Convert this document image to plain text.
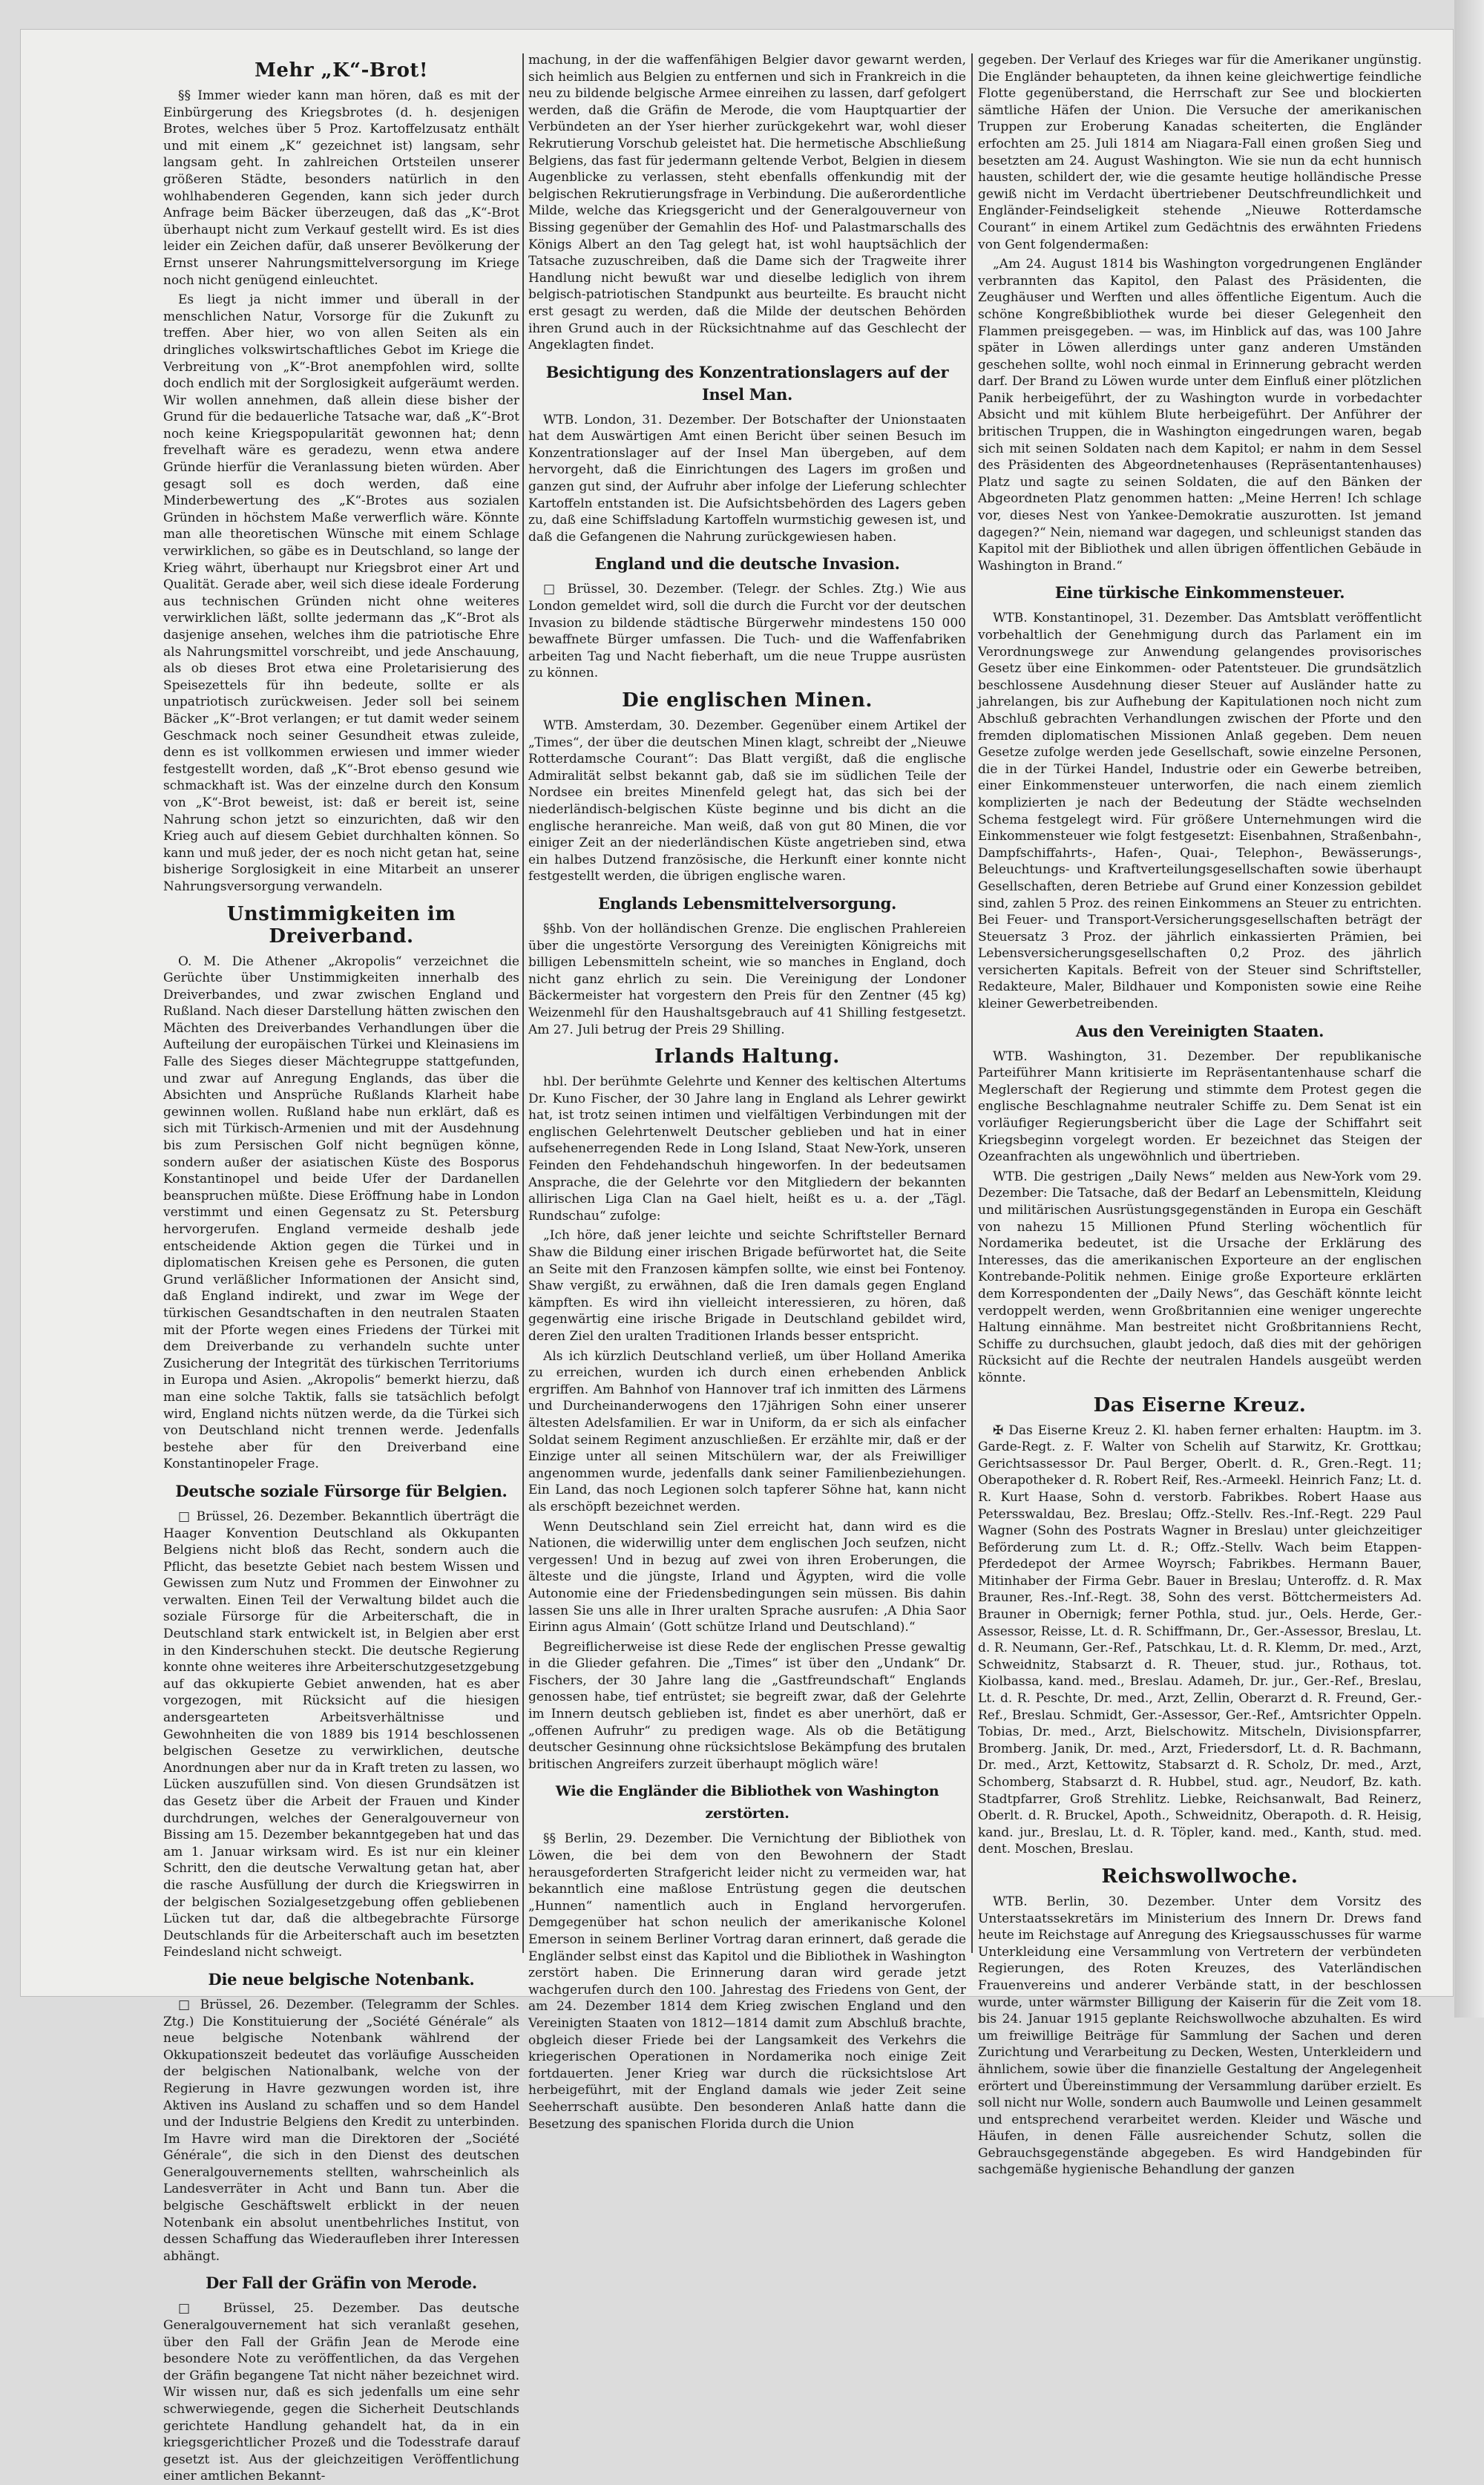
Mehr „K“-Brot!

§§ Immer wieder kann man hören, daß es mit der Einbürgerung des Kriegsbrotes (d. h. desjenigen Brotes, welches über 5 Proz. Kartoffelzusatz enthält und mit einem „K“ gezeichnet ist) langsam, sehr langsam geht. In zahlreichen Ortsteilen unserer größeren Städte, besonders natürlich in den wohlhabenderen Gegenden, kann sich jeder durch Anfrage beim Bäcker überzeugen, daß das „K“-Brot überhaupt nicht zum Verkauf gestellt wird. Es ist dies leider ein Zeichen dafür, daß unserer Bevölkerung der Ernst unserer Nahrungsmittelversorgung im Kriege noch nicht genügend einleuchtet.

Es liegt ja nicht immer und überall in der menschlichen Natur, Vorsorge für die Zukunft zu treffen. Aber hier, wo von allen Seiten als ein dringliches volkswirtschaftliches Gebot im Kriege die Verbreitung von „K“-Brot anempfohlen wird, sollte doch endlich mit der Sorglosigkeit aufgeräumt werden. Wir wollen annehmen, daß allein diese bisher der Grund für die bedauerliche Tatsache war, daß „K“-Brot noch keine Kriegspopularität gewonnen hat; denn frevelhaft wäre es geradezu, wenn etwa andere Gründe hierfür die Veranlassung bieten würden. Aber gesagt soll es doch werden, daß eine Minderbewertung des „K“-Brotes aus sozialen Gründen in höchstem Maße verwerflich wäre. Könnte man alle theoretischen Wünsche mit einem Schlage verwirklichen, so gäbe es in Deutschland, so lange der Krieg währt, überhaupt nur Kriegsbrot einer Art und Qualität. Gerade aber, weil sich diese ideale Forderung aus technischen Gründen nicht ohne weiteres verwirklichen läßt, sollte jedermann das „K“-Brot als dasjenige ansehen, welches ihm die patriotische Ehre als Nahrungsmittel vorschreibt, und jede Anschauung, als ob dieses Brot etwa eine Proletarisierung des Speisezettels für ihn bedeute, sollte er als unpatriotisch zurückweisen. Jeder soll bei seinem Bäcker „K“-Brot verlangen; er tut damit weder seinem Geschmack noch seiner Gesundheit etwas zuleide, denn es ist vollkommen erwiesen und immer wieder festgestellt worden, daß „K“-Brot ebenso gesund wie schmackhaft ist. Was der einzelne durch den Konsum von „K“-Brot beweist, ist: daß er bereit ist, seine Nahrung schon jetzt so einzurichten, daß wir den Krieg auch auf diesem Gebiet durchhalten können. So kann und muß jeder, der es noch nicht getan hat, seine bisherige Sorglosigkeit in eine Mitarbeit an unserer Nahrungsversorgung verwandeln.

Unstimmigkeiten im Dreiverband.

O. M. Die Athener „Akropolis“ verzeichnet die Gerüchte über Unstimmigkeiten innerhalb des Dreiverbandes, und zwar zwischen England und Rußland. Nach dieser Darstellung hätten zwischen den Mächten des Dreiverbandes Verhandlungen über die Aufteilung der europäischen Türkei und Kleinasiens im Falle des Sieges dieser Mächtegruppe stattgefunden, und zwar auf Anregung Englands, das über die Absichten und Ansprüche Rußlands Klarheit habe gewinnen wollen. Rußland habe nun erklärt, daß es sich mit Türkisch-Armenien und mit der Ausdehnung bis zum Persischen Golf nicht begnügen könne, sondern außer der asiatischen Küste des Bosporus Konstantinopel und beide Ufer der Dardanellen beanspruchen müßte. Diese Eröffnung habe in London verstimmt und einen Gegensatz zu St. Petersburg hervorgerufen. England vermeide deshalb jede entscheidende Aktion gegen die Türkei und in diplomatischen Kreisen gehe es Personen, die guten Grund verläßlicher Informationen der Ansicht sind, daß England indirekt, und zwar im Wege der türkischen Gesandtschaften in den neutralen Staaten mit der Pforte wegen eines Friedens der Türkei mit dem Dreiverbande zu verhandeln suchte unter Zusicherung der Integrität des türkischen Territoriums in Europa und Asien. „Akropolis“ bemerkt hierzu, daß man eine solche Taktik, falls sie tatsächlich befolgt wird, England nichts nützen werde, da die Türkei sich von Deutschland nicht trennen werde. Jedenfalls bestehe aber für den Dreiverband eine Konstantinopeler Frage.

Deutsche soziale Fürsorge für Belgien.

□ Brüssel, 26. Dezember. Bekanntlich überträgt die Haager Konvention Deutschland als Okkupanten Belgiens nicht bloß das Recht, sondern auch die Pflicht, das besetzte Gebiet nach bestem Wissen und Gewissen zum Nutz und Frommen der Einwohner zu verwalten. Einen Teil der Verwaltung bildet auch die soziale Fürsorge für die Arbeiterschaft, die in Deutschland stark entwickelt ist, in Belgien aber erst in den Kinderschuhen steckt. Die deutsche Regierung konnte ohne weiteres ihre Arbeiterschutzgesetzgebung auf das okkupierte Gebiet anwenden, hat es aber vorgezogen, mit Rücksicht auf die hiesigen andersgearteten Arbeitsverhältnisse und Gewohnheiten die von 1889 bis 1914 beschlossenen belgischen Gesetze zu verwirklichen, deutsche Anordnungen aber nur da in Kraft treten zu lassen, wo Lücken auszufüllen sind. Von diesen Grundsätzen ist das Gesetz über die Arbeit der Frauen und Kinder durchdrungen, welches der Generalgouverneur von Bissing am 15. Dezember bekanntgegeben hat und das am 1. Januar wirksam wird. Es ist nur ein kleiner Schritt, den die deutsche Verwaltung getan hat, aber die rasche Ausfüllung der durch die Kriegswirren in der belgischen Sozialgesetzgebung offen gebliebenen Lücken tut dar, daß die altbegebrachte Fürsorge Deutschlands für die Arbeiterschaft auch im besetzten Feindesland nicht schweigt.

Die neue belgische Notenbank.

□ Brüssel, 26. Dezember. (Telegramm der Schles. Ztg.) Die Konstituierung der „Société Générale“ als neue belgische Notenbank wählrend der Okkupationszeit bedeutet das vorläufige Ausscheiden der belgischen Nationalbank, welche von der Regierung in Havre gezwungen worden ist, ihre Aktiven ins Ausland zu schaffen und so dem Handel und der Industrie Belgiens den Kredit zu unterbinden. Im Havre wird man die Direktoren der „Société Générale“, die sich in den Dienst des deutschen Generalgouvernements stellten, wahrscheinlich als Landesverräter in Acht und Bann tun. Aber die belgische Geschäftswelt erblickt in der neuen Notenbank ein absolut unentbehrliches Institut, von dessen Schaffung das Wiederaufleben ihrer Interessen abhängt.

Der Fall der Gräfin von Merode.

□ Brüssel, 25. Dezember. Das deutsche Generalgouvernement hat sich veranlaßt gesehen, über den Fall der Gräfin Jean de Merode eine besondere Note zu veröffentlichen, da das Vergehen der Gräfin begangene Tat nicht näher bezeichnet wird. Wir wissen nur, daß es sich jedenfalls um eine sehr schwerwiegende, gegen die Sicherheit Deutschlands gerichtete Handlung gehandelt hat, da in ein kriegsgerichtlicher Prozeß und die Todesstrafe darauf gesetzt ist. Aus der gleichzeitigen Veröffentlichung einer amtlichen Bekannt-

machung, in der die waffenfähigen Belgier davor gewarnt werden, sich heimlich aus Belgien zu entfernen und sich in Frankreich in die neu zu bildende belgische Armee einreihen zu lassen, darf gefolgert werden, daß die Gräfin de Merode, die vom Hauptquartier der Verbündeten an der Yser hierher zurückgekehrt war, wohl dieser Rekrutierung Vorschub geleistet hat. Die hermetische Abschließung Belgiens, das fast für jedermann geltende Verbot, Belgien in diesem Augenblicke zu verlassen, steht ebenfalls offenkundig mit der belgischen Rekrutierungsfrage in Verbindung. Die außerordentliche Milde, welche das Kriegsgericht und der Generalgouverneur von Bissing gegenüber der Gemahlin des Hof- und Palastmarschalls des Königs Albert an den Tag gelegt hat, ist wohl hauptsächlich der Tatsache zuzuschreiben, daß die Dame sich der Tragweite ihrer Handlung nicht bewußt war und dieselbe lediglich von ihrem belgisch-patriotischen Standpunkt aus beurteilte. Es braucht nicht erst gesagt zu werden, daß die Milde der deutschen Behörden ihren Grund auch in der Rücksichtnahme auf das Geschlecht der Angeklagten findet.

Besichtigung des Konzentrationslagers auf der Insel Man.

WTB. London, 31. Dezember. Der Botschafter der Unionstaaten hat dem Auswärtigen Amt einen Bericht über seinen Besuch im Konzentrationslager auf der Insel Man übergeben, auf dem hervorgeht, daß die Einrichtungen des Lagers im großen und ganzen gut sind, der Aufruhr aber infolge der Lieferung schlechter Kartoffeln entstanden ist. Die Aufsichtsbehörden des Lagers geben zu, daß eine Schiffsladung Kartoffeln wurmstichig gewesen ist, und daß die Gefangenen die Nahrung zurückgewiesen haben.

England und die deutsche Invasion.

□ Brüssel, 30. Dezember. (Telegr. der Schles. Ztg.) Wie aus London gemeldet wird, soll die durch die Furcht vor der deutschen Invasion zu bildende städtische Bürgerwehr mindestens 150 000 bewaffnete Bürger umfassen. Die Tuch- und die Waffenfabriken arbeiten Tag und Nacht fieberhaft, um die neue Truppe ausrüsten zu können.

Die englischen Minen.

WTB. Amsterdam, 30. Dezember. Gegenüber einem Artikel der „Times“, der über die deutschen Minen klagt, schreibt der „Nieuwe Rotterdamsche Courant“: Das Blatt vergißt, daß die englische Admiralität selbst bekannt gab, daß sie im südlichen Teile der Nordsee ein breites Minenfeld gelegt hat, das sich bei der niederländisch-belgischen Küste beginne und bis dicht an die englische heranreiche. Man weiß, daß von gut 80 Minen, die vor einiger Zeit an der niederländischen Küste angetrieben sind, etwa ein halbes Dutzend französische, die Herkunft einer konnte nicht festgestellt werden, die übrigen englische waren.

Englands Lebensmittelversorgung.

§§hb. Von der holländischen Grenze. Die englischen Prahlereien über die ungestörte Versorgung des Vereinigten Königreichs mit billigen Lebensmitteln scheint, wie so manches in England, doch nicht ganz ehrlich zu sein. Die Vereinigung der Londoner Bäckermeister hat vorgestern den Preis für den Zentner (45 kg) Weizenmehl für den Haushaltsgebrauch auf 41 Shilling festgesetzt. Am 27. Juli betrug der Preis 29 Shilling.

Irlands Haltung.

hbl. Der berühmte Gelehrte und Kenner des keltischen Altertums Dr. Kuno Fischer, der 30 Jahre lang in England als Lehrer gewirkt hat, ist trotz seinen intimen und vielfältigen Verbindungen mit der englischen Gelehrtenwelt Deutscher geblieben und hat in einer aufsehenerregenden Rede in Long Island, Staat New-York, unseren Feinden den Fehdehandschuh hingeworfen. In der bedeutsamen Ansprache, die der Gelehrte vor den Mitgliedern der bekannten allirischen Liga Clan na Gael hielt, heißt es u. a. der „Tägl. Rundschau“ zufolge:

„Ich höre, daß jener leichte und seichte Schriftsteller Bernard Shaw die Bildung einer irischen Brigade befürwortet hat, die Seite an Seite mit den Franzosen kämpfen sollte, wie einst bei Fontenoy. Shaw vergißt, zu erwähnen, daß die Iren damals gegen England kämpften. Es wird ihn vielleicht interessieren, zu hören, daß gegenwärtig eine irische Brigade in Deutschland gebildet wird, deren Ziel den uralten Traditionen Irlands besser entspricht.

Als ich kürzlich Deutschland verließ, um über Holland Amerika zu erreichen, wurden ich durch einen erhebenden Anblick ergriffen. Am Bahnhof von Hannover traf ich inmitten des Lärmens und Durcheinanderwogens den 17jährigen Sohn einer unserer ältesten Adelsfamilien. Er war in Uniform, da er sich als einfacher Soldat seinem Regiment anzuschließen. Er erzählte mir, daß er der Einzige unter all seinen Mitschülern war, der als Freiwilliger angenommen wurde, jedenfalls dank seiner Familienbeziehungen. Ein Land, das noch Legionen solch tapferer Söhne hat, kann nicht als erschöpft bezeichnet werden.

Wenn Deutschland sein Ziel erreicht hat, dann wird es die Nationen, die widerwillig unter dem englischen Joch seufzen, nicht vergessen! Und in bezug auf zwei von ihren Eroberungen, die älteste und die jüngste, Irland und Ägypten, wird die volle Autonomie eine der Friedensbedingungen sein müssen. Bis dahin lassen Sie uns alle in Ihrer uralten Sprache ausrufen: ‚A Dhia Saor Eirinn agus Almain‘ (Gott schütze Irland und Deutschland).“

Begreiflicherweise ist diese Rede der englischen Presse gewaltig in die Glieder gefahren. Die „Times“ ist über den „Undank“ Dr. Fischers, der 30 Jahre lang die „Gastfreundschaft“ Englands genossen habe, tief entrüstet; sie begreift zwar, daß der Gelehrte im Innern deutsch geblieben ist, findet es aber unerhört, daß er „offenen Aufruhr“ zu predigen wage. Als ob die Betätigung deutscher Gesinnung ohne rücksichtslose Bekämpfung des brutalen britischen Angreifers zurzeit überhaupt möglich wäre!

Wie die Engländer die Bibliothek von Washington zerstörten.

§§ Berlin, 29. Dezember. Die Vernichtung der Bibliothek von Löwen, die bei dem von den Bewohnern der Stadt herausgeforderten Strafgericht leider nicht zu vermeiden war, hat bekanntlich eine maßlose Entrüstung gegen die deutschen „Hunnen“ namentlich auch in England hervorgerufen. Demgegenüber hat schon neulich der amerikanische Kolonel Emerson in seinem Berliner Vortrag daran erinnert, daß gerade die Engländer selbst einst das Kapitol und die Bibliothek in Washington zerstört haben. Die Erinnerung daran wird gerade jetzt wachgerufen durch den 100. Jahrestag des Friedens von Gent, der am 24. Dezember 1814 dem Krieg zwischen England und den Vereinigten Staaten von 1812—1814 damit zum Abschluß brachte, obgleich dieser Friede bei der Langsamkeit des Verkehrs die kriegerischen Operationen in Nordamerika noch einige Zeit fortdauerten. Jener Krieg war durch die rücksichtslose Art herbeigeführt, mit der England damals wie jeder Zeit seine Seeherrschaft ausübte. Den besonderen Anlaß hatte dann die Besetzung des spanischen Florida durch die Union

gegeben. Der Verlauf des Krieges war für die Amerikaner ungünstig. Die Engländer behaupteten, da ihnen keine gleichwertige feindliche Flotte gegenüberstand, die Herrschaft zur See und blockierten sämtliche Häfen der Union. Die Versuche der amerikanischen Truppen zur Eroberung Kanadas scheiterten, die Engländer erfochten am 25. Juli 1814 am Niagara-Fall einen großen Sieg und besetzten am 24. August Washington. Wie sie nun da echt hunnisch hausten, schildert der, wie die gesamte heutige holländische Presse gewiß nicht im Verdacht übertriebener Deutschfreundlichkeit und Engländer-Feindseligkeit stehende „Nieuwe Rotterdamsche Courant“ in einem Artikel zum Gedächtnis des erwähnten Friedens von Gent folgendermaßen:

„Am 24. August 1814 bis Washington vorgedrungenen Engländer verbrannten das Kapitol, den Palast des Präsidenten, die Zeughäuser und Werften und alles öffentliche Eigentum. Auch die schöne Kongreßbibliothek wurde bei dieser Gelegenheit den Flammen preisgegeben. — was, im Hinblick auf das, was 100 Jahre später in Löwen allerdings unter ganz anderen Umständen geschehen sollte, wohl noch einmal in Erinnerung gebracht werden darf. Der Brand zu Löwen wurde unter dem Einfluß einer plötzlichen Panik herbeigeführt, der zu Washington wurde in vorbedachter Absicht und mit kühlem Blute herbeigeführt. Der Anführer der britischen Truppen, die in Washington eingedrungen waren, begab sich mit seinen Soldaten nach dem Kapitol; er nahm in dem Sessel des Präsidenten des Abgeordnetenhauses (Repräsentantenhauses) Platz und sagte zu seinen Soldaten, die auf den Bänken der Abgeordneten Platz genommen hatten: „Meine Herren! Ich schlage vor, dieses Nest von Yankee-Demokratie auszurotten. Ist jemand dagegen?“ Nein, niemand war dagegen, und schleunigst standen das Kapitol mit der Bibliothek und allen übrigen öffentlichen Gebäude in Washington in Brand.“

Eine türkische Einkommensteuer.

WTB. Konstantinopel, 31. Dezember. Das Amtsblatt veröffentlicht vorbehaltlich der Genehmigung durch das Parlament ein im Verordnungswege zur Anwendung gelangendes provisorisches Gesetz über eine Einkommen- oder Patentsteuer. Die grundsätzlich beschlossene Ausdehnung dieser Steuer auf Ausländer hatte zu jahrelangen, bis zur Aufhebung der Kapitulationen noch nicht zum Abschluß gebrachten Verhandlungen zwischen der Pforte und den fremden diplomatischen Missionen Anlaß gegeben. Dem neuen Gesetze zufolge werden jede Gesellschaft, sowie einzelne Personen, die in der Türkei Handel, Industrie oder ein Gewerbe betreiben, einer Einkommensteuer unterworfen, die nach einem ziemlich komplizierten je nach der Bedeutung der Städte wechselnden Schema festgelegt wird. Für größere Unternehmungen wird die Einkommensteuer wie folgt festgesetzt: Eisenbahnen, Straßenbahn-, Dampfschiffahrts-, Hafen-, Quai-, Telephon-, Bewässerungs-, Beleuchtungs- und Kraftverteilungsgesellschaften sowie überhaupt Gesellschaften, deren Betriebe auf Grund einer Konzession gebildet sind, zahlen 5 Proz. des reinen Einkommens an Steuer zu entrichten. Bei Feuer- und Transport-Versicherungsgesellschaften beträgt der Steuersatz 3 Proz. der jährlich einkassierten Prämien, bei Lebensversicherungsgesellschaften 0,2 Proz. des jährlich versicherten Kapitals. Befreit von der Steuer sind Schriftsteller, Redakteure, Maler, Bildhauer und Komponisten sowie eine Reihe kleiner Gewerbetreibenden.

Aus den Vereinigten Staaten.

WTB. Washington, 31. Dezember. Der republikanische Parteiführer Mann kritisierte im Repräsentantenhause scharf die Meglerschaft der Regierung und stimmte dem Protest gegen die englische Beschlagnahme neutraler Schiffe zu. Dem Senat ist ein vorläufiger Regierungsbericht über die Lage der Schiffahrt seit Kriegsbeginn vorgelegt worden. Er bezeichnet das Steigen der Ozeanfrachten als ungewöhnlich und übertrieben.

WTB. Die gestrigen „Daily News“ melden aus New-York vom 29. Dezember: Die Tatsache, daß der Bedarf an Lebensmitteln, Kleidung und militärischen Ausrüstungsgegenständen in Europa ein Geschäft von nahezu 15 Millionen Pfund Sterling wöchentlich für Nordamerika bedeutet, ist die Ursache der Erklärung des Interesses, das die amerikanischen Exporteure an der englischen Kontrebande-Politik nehmen. Einige große Exporteure erklärten dem Korrespondenten der „Daily News“, das Geschäft könnte leicht verdoppelt werden, wenn Großbritannien eine weniger ungerechte Haltung einnähme. Man bestreitet nicht Großbritanniens Recht, Schiffe zu durchsuchen, glaubt jedoch, daß dies mit der gehörigen Rücksicht auf die Rechte der neutralen Handels ausgeübt werden könnte.

Das Eiserne Kreuz.

✠ Das Eiserne Kreuz 2. Kl. haben ferner erhalten: Hauptm. im 3. Garde-Regt. z. F. Walter von Schelih auf Starwitz, Kr. Grottkau; Gerichtsassessor Dr. Paul Berger, Oberlt. d. R., Gren.-Regt. 11; Oberapotheker d. R. Robert Reif, Res.-Armeekl. Heinrich Fanz; Lt. d. R. Kurt Haase, Sohn d. verstorb. Fabrikbes. Robert Haase aus Petersswaldau, Bez. Breslau; Offz.-Stellv. Res.-Inf.-Regt. 229 Paul Wagner (Sohn des Postrats Wagner in Breslau) unter gleichzeitiger Beförderung zum Lt. d. R.; Offz.-Stellv. Wach beim Etappen-Pferdedepot der Armee Woyrsch; Fabrikbes. Hermann Bauer, Mitinhaber der Firma Gebr. Bauer in Breslau; Unteroffz. d. R. Max Brauner, Res.-Inf.-Regt. 38, Sohn des verst. Böttchermeisters Ad. Brauner in Obernigk; ferner Pothla, stud. jur., Oels. Herde, Ger.-Assessor, Reisse, Lt. d. R. Schiffmann, Dr., Ger.-Assessor, Breslau, Lt. d. R. Neumann, Ger.-Ref., Patschkau, Lt. d. R. Klemm, Dr. med., Arzt, Schweidnitz, Stabsarzt d. R. Theuer, stud. jur., Rothaus, tot. Kiolbassa, kand. med., Breslau. Adameh, Dr. jur., Ger.-Ref., Breslau, Lt. d. R. Peschte, Dr. med., Arzt, Zellin, Oberarzt d. R. Freund, Ger.-Ref., Breslau. Schmidt, Ger.-Assessor, Ger.-Ref., Amtsrichter Oppeln. Tobias, Dr. med., Arzt, Bielschowitz. Mitscheln, Divisionspfarrer, Bromberg. Janik, Dr. med., Arzt, Friedersdorf, Lt. d. R. Bachmann, Dr. med., Arzt, Kettowitz, Stabsarzt d. R. Scholz, Dr. med., Arzt, Schomberg, Stabsarzt d. R. Hubbel, stud. agr., Neudorf, Bz. kath. Stadtpfarrer, Groß Strehlitz. Liebke, Reichsanwalt, Bad Reinerz, Oberlt. d. R. Bruckel, Apoth., Schweidnitz, Oberapoth. d. R. Heisig, kand. jur., Breslau, Lt. d. R. Töpler, kand. med., Kanth, stud. med. dent. Moschen, Breslau.

Reichswollwoche.

WTB. Berlin, 30. Dezember. Unter dem Vorsitz des Unterstaatssekretärs im Ministerium des Innern Dr. Drews fand heute im Reichstage auf Anregung des Kriegsausschusses für warme Unterkleidung eine Versammlung von Vertretern der verbündeten Regierungen, des Roten Kreuzes, des Vaterländischen Frauenvereins und anderer Verbände statt, in der beschlossen wurde, unter wärmster Billigung der Kaiserin für die Zeit vom 18. bis 24. Januar 1915 geplante Reichswollwoche abzuhalten. Es wird um freiwillige Beiträge für Sammlung der Sachen und deren Zurichtung und Verarbeitung zu Decken, Westen, Unterkleidern und ähnlichem, sowie über die finanzielle Gestaltung der Angelegenheit erörtert und Übereinstimmung der Versammlung darüber erzielt. Es soll nicht nur Wolle, sondern auch Baumwolle und Leinen gesammelt und entsprechend verarbeitet werden. Kleider und Wäsche und Häufen, in denen Fälle ausreichender Schutz, sollen die Gebrauchsgegenstände abgegeben. Es wird Handgebinden für sachgemäße hygienische Behandlung der ganzen
